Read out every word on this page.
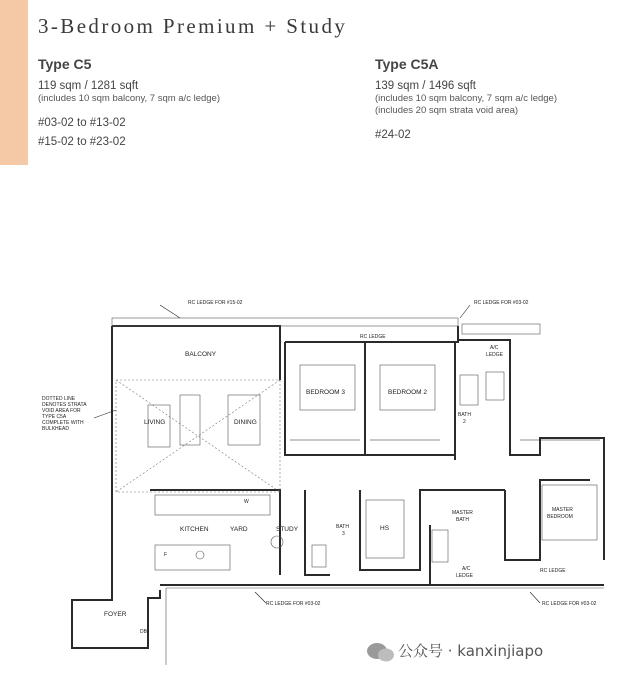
3-Bedroom Premium + Study
Type C5
119 sqm / 1281 sqft
(includes 10 sqm balcony, 7 sqm a/c ledge)
#03-02 to #13-02
#15-02 to #23-02
Type C5A
139 sqm / 1496 sqft
(includes 10 sqm balcony, 7 sqm a/c ledge)
(includes 20 sqm strata void area)
#24-02
RC LEDGE FOR #15-02	RC LEDGE FOR #03-02
RC LEDGE
BALCONY
A/C
LEDGE
BEDROOM 3	BEDROOM 2
BATH
2
LIVING	DINING
DOTTED LINE
DENOTES STRATA
VOID AREA FOR
TYPE C5A
COMPLETE WITH
BULKHEAD
KITCHEN	YARD
W
F
STUDY	BATH
3
HS
MASTER
BATH
MASTER
BEDROOM
A/C
LEDGE
RC LEDGE
FOYER
DB
RC LEDGE FOR #03-02	RC LEDGE FOR #03-02
公众号 · kanxinjiapo
